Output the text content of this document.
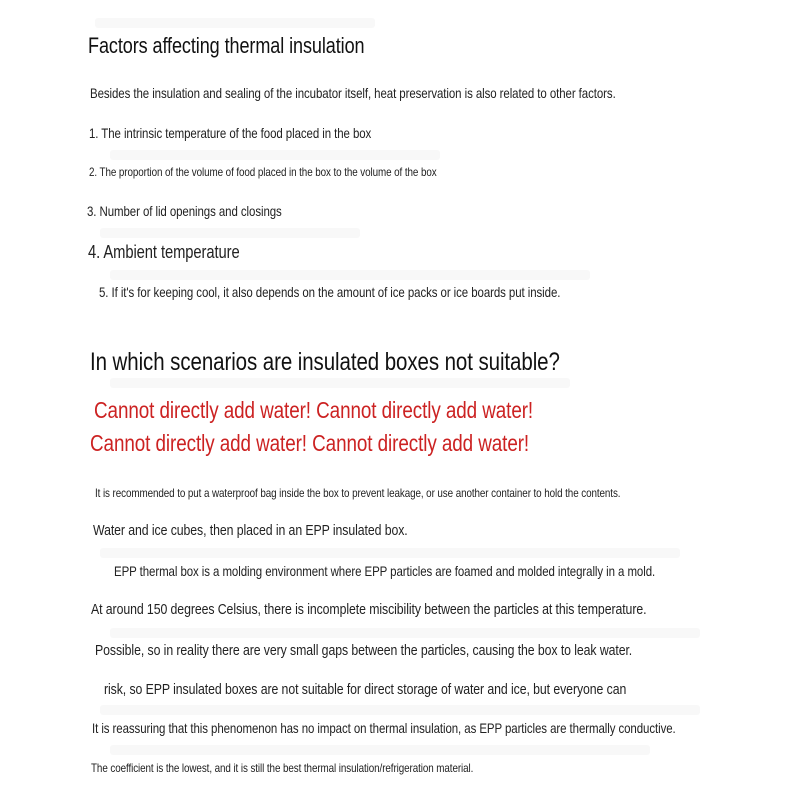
Factors affecting thermal insulation
Besides the insulation and sealing of the incubator itself, heat preservation is also related to other factors.
1. The intrinsic temperature of the food placed in the box
2. The proportion of the volume of food placed in the box to the volume of the box
3. Number of lid openings and closings
4. Ambient temperature
5. If it's for keeping cool, it also depends on the amount of ice packs or ice boards put inside.
In which scenarios are insulated boxes not suitable?
Cannot directly add water! Cannot directly add water!
Cannot directly add water! Cannot directly add water!
It is recommended to put a waterproof bag inside the box to prevent leakage, or use another container to hold the contents.
Water and ice cubes, then placed in an EPP insulated box.
EPP thermal box is a molding environment where EPP particles are foamed and molded integrally in a mold.
At around 150 degrees Celsius, there is incomplete miscibility between the particles at this temperature.
Possible, so in reality there are very small gaps between the particles, causing the box to leak water.
risk, so EPP insulated boxes are not suitable for direct storage of water and ice, but everyone can
It is reassuring that this phenomenon has no impact on thermal insulation, as EPP particles are thermally conductive.
The coefficient is the lowest, and it is still the best thermal insulation/refrigeration material.
